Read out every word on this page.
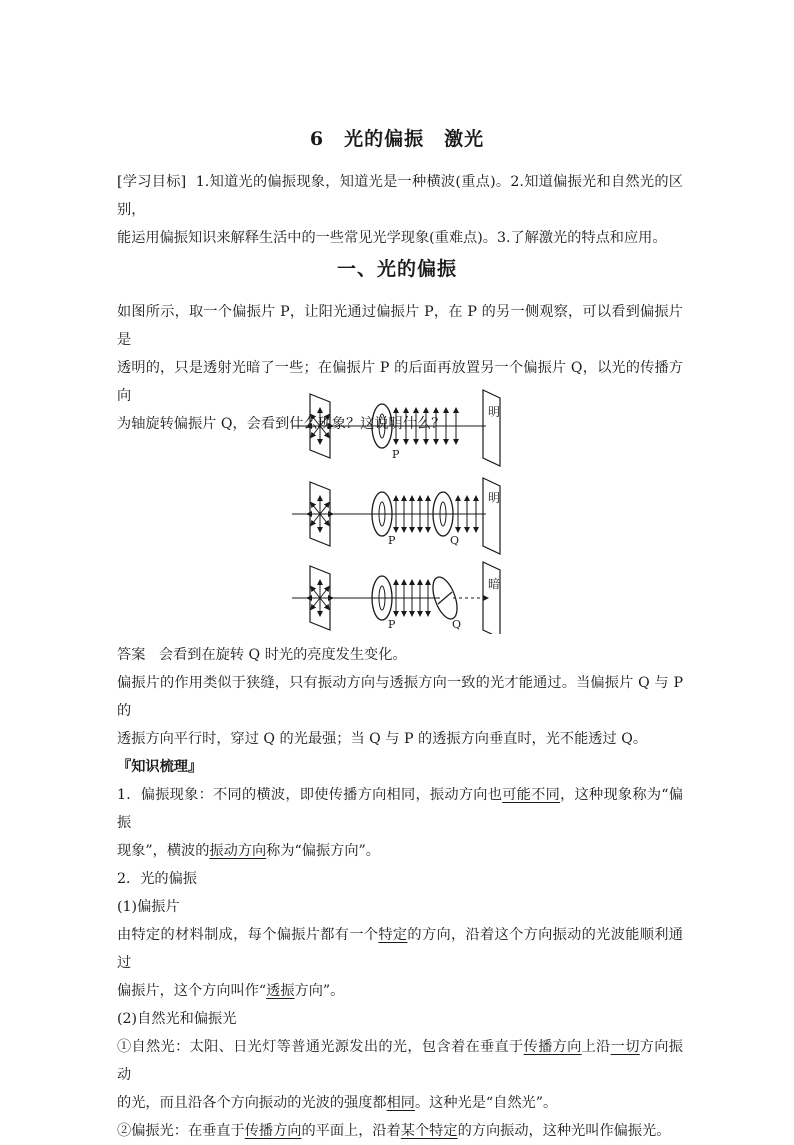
6　光的偏振　激光
[学习目标] 1.知道光的偏振现象，知道光是一种横波(重点)。2.知道偏振光和自然光的区别，
能运用偏振知识来解释生活中的一些常见光学现象(重难点)。3.了解激光的特点和应用。
一、光的偏振
如图所示，取一个偏振片 P，让阳光通过偏振片 P，在 P 的另一侧观察，可以看到偏振片是
透明的，只是透射光暗了一些；在偏振片 P 的后面再放置另一个偏振片 Q，以光的传播方向
为轴旋转偏振片 Q，会看到什么现象？这说明什么？
明
P
明
P	Q
暗
P	Q
答案 会看到在旋转 Q 时光的亮度发生变化。
偏振片的作用类似于狭缝，只有振动方向与透振方向一致的光才能通过。当偏振片 Q 与 P 的
透振方向平行时，穿过 Q 的光最强；当 Q 与 P 的透振方向垂直时，光不能透过 Q。
『知识梳理』
1．偏振现象：不同的横波，即使传播方向相同，振动方向也可能不同，这种现象称为“偏振
现象”，横波的振动方向称为“偏振方向”。
2．光的偏振
(1)偏振片
由特定的材料制成，每个偏振片都有一个特定的方向，沿着这个方向振动的光波能顺利通过
偏振片，这个方向叫作“透振方向”。
(2)自然光和偏振光
①自然光：太阳、日光灯等普通光源发出的光，包含着在垂直于传播方向上沿一切方向振动
的光，而且沿各个方向振动的光波的强度都相同。这种光是“自然光”。
②偏振光：在垂直于传播方向的平面上，沿着某个特定的方向振动，这种光叫作偏振光。
